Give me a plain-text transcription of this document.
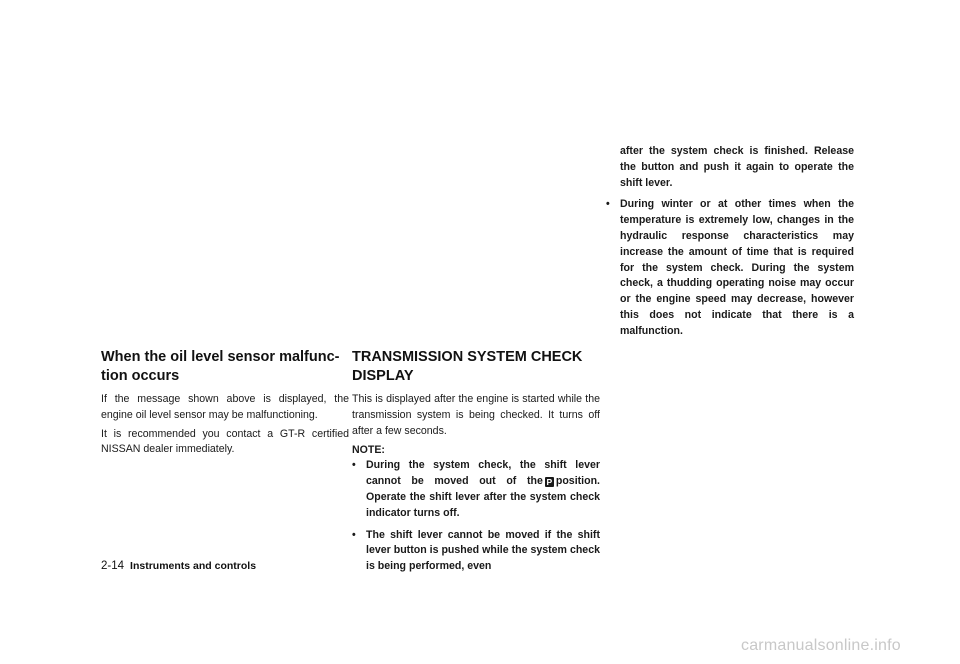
When the oil level sensor malfunc-
tion occurs

If the message shown above is displayed, the engine oil level sensor may be malfunctioning.

It is recommended you contact a GT-R certified NISSAN dealer immediately.

TRANSMISSION SYSTEM CHECK
DISPLAY

This is displayed after the engine is started while the transmission system is being checked. It turns off after a few seconds.

NOTE:
• During the system check, the shift lever cannot be moved out of the P position. Operate the shift lever after the system check indicator turns off.
• The shift lever cannot be moved if the shift lever button is pushed while the system check is being performed, even
after the system check is finished. Release the button and push it again to operate the shift lever.
• During winter or at other times when the temperature is extremely low, changes in the hydraulic response characteristics may increase the amount of time that is required for the system check. During the system check, a thudding operating noise may occur or the engine speed may decrease, however this does not indicate that there is a malfunction.
2-14 Instruments and controls
carmanualsonline.info
